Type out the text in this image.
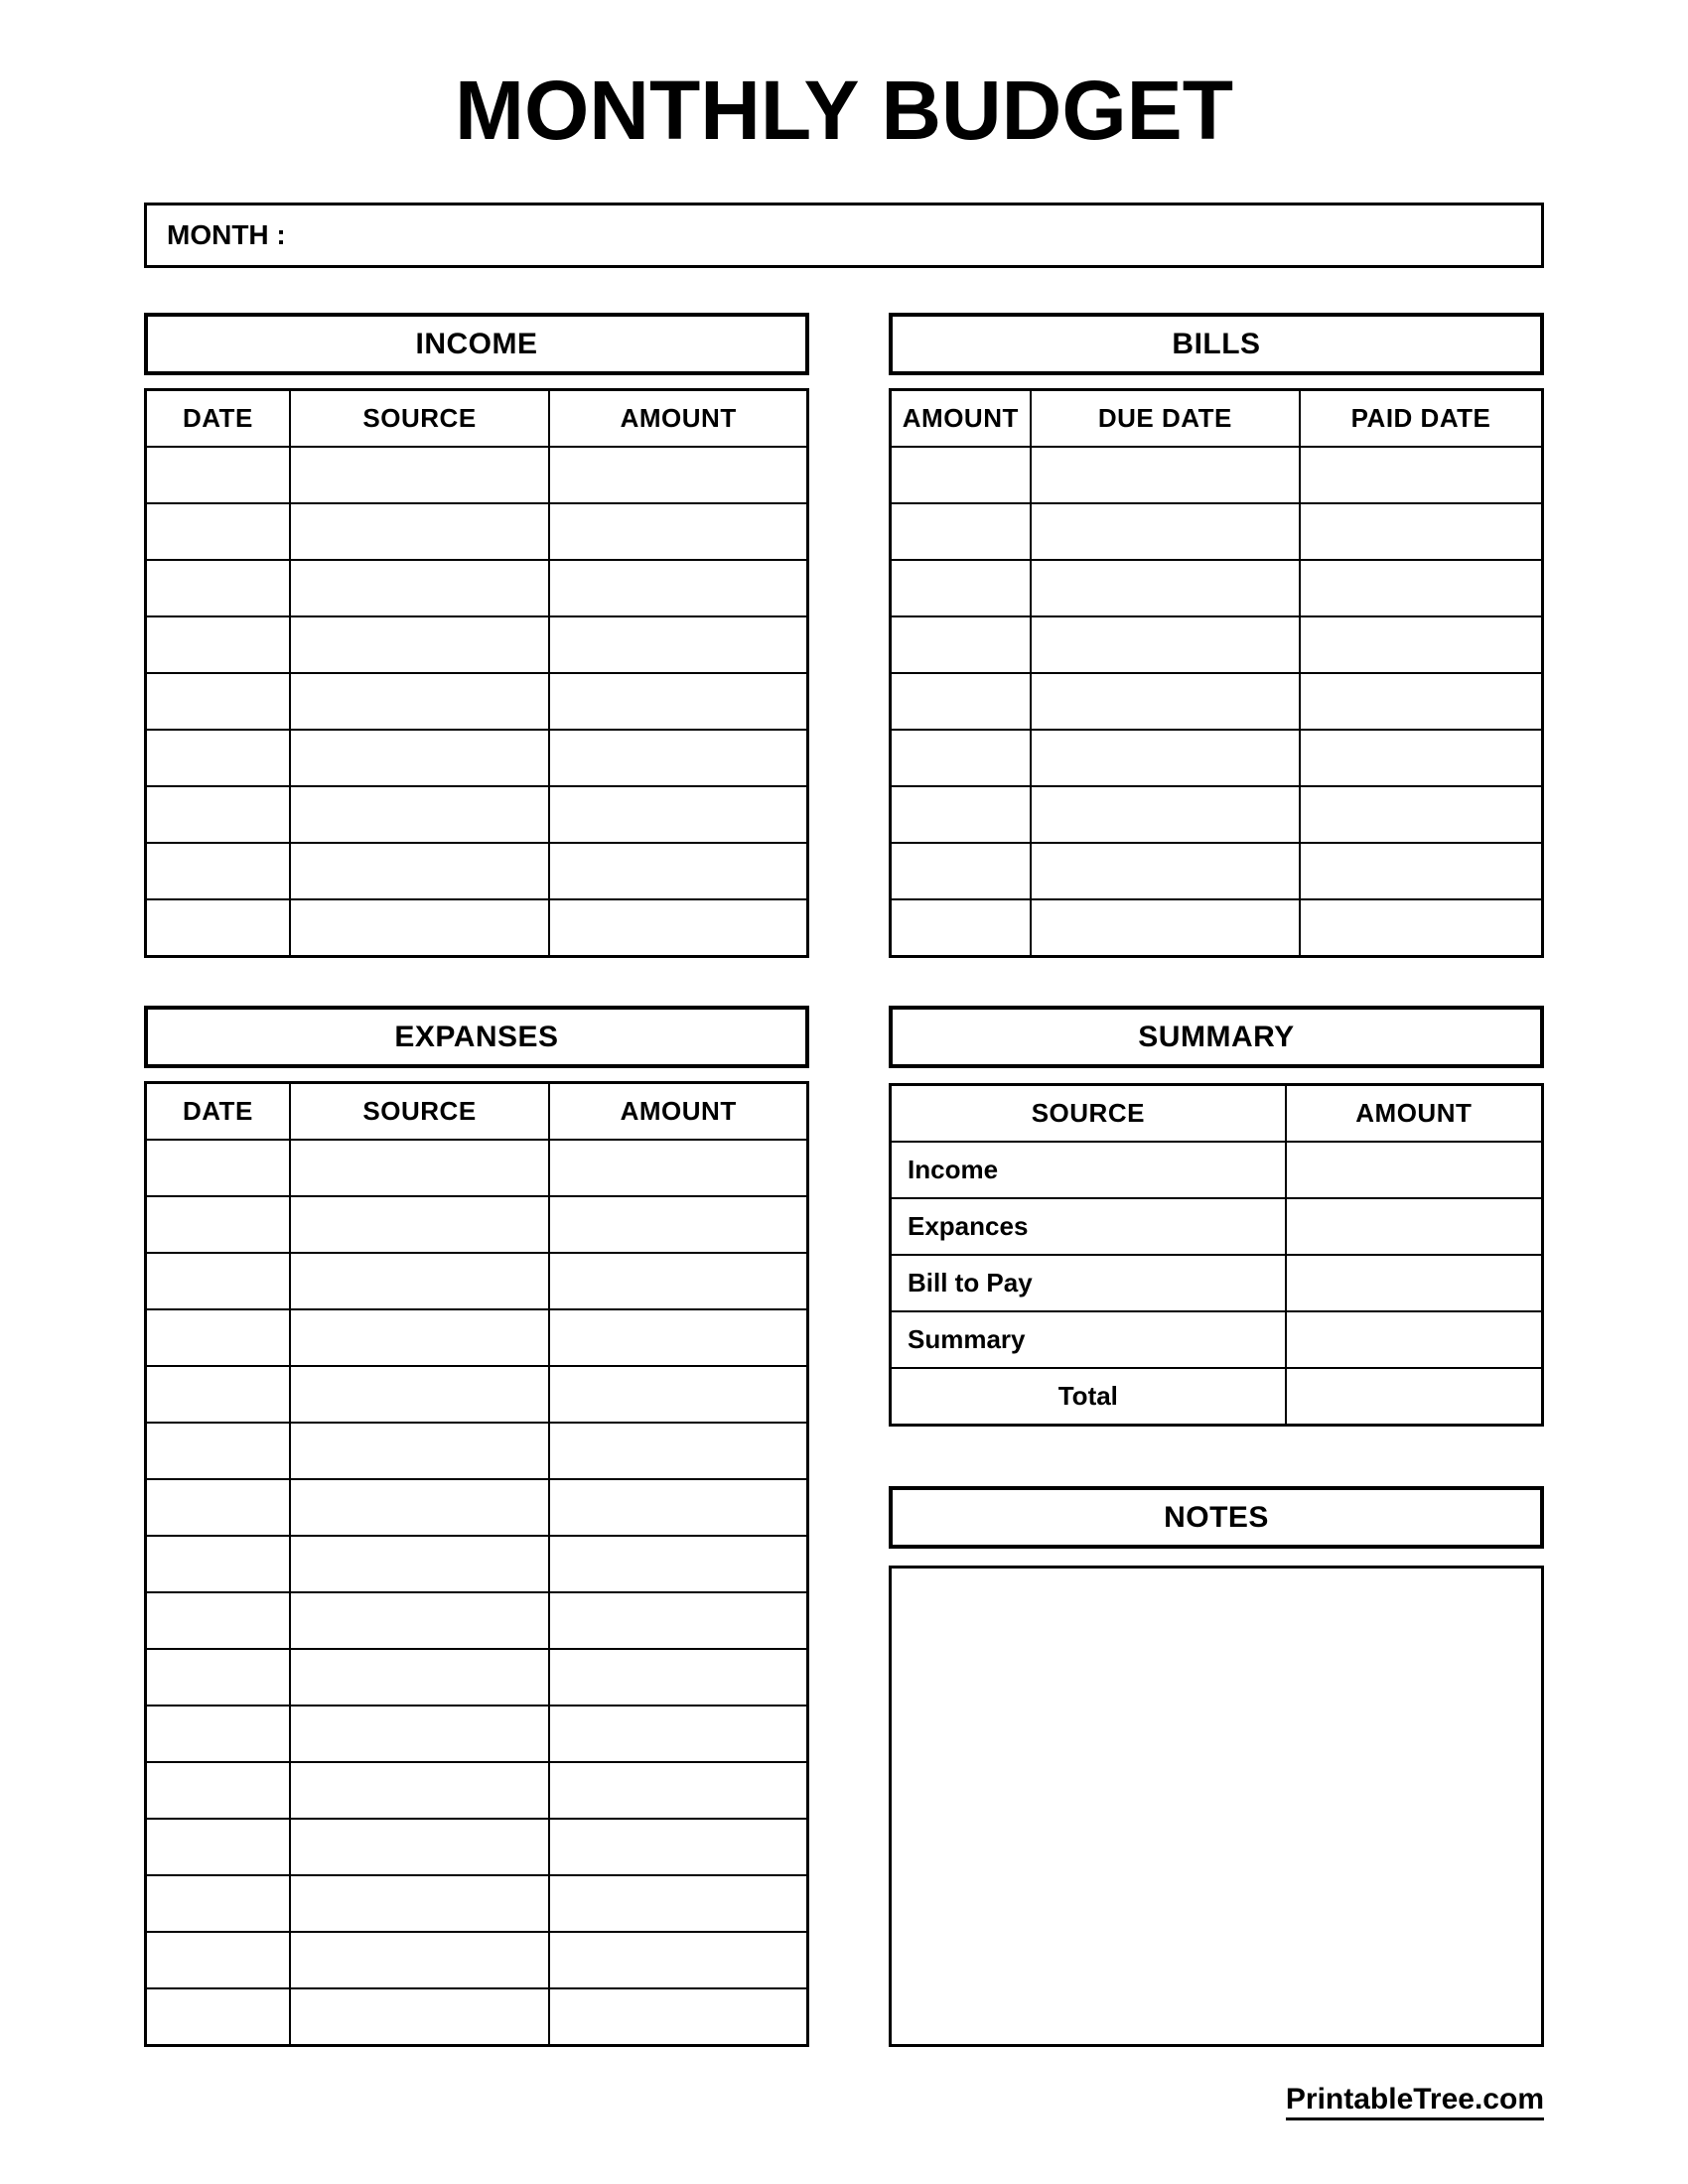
MONTHLY BUDGET
MONTH :
INCOME
DATE	SOURCE	AMOUNT
BILLS
AMOUNT	DUE DATE	PAID DATE
EXPANSES
DATE	SOURCE	AMOUNT
SUMMARY
SOURCE	AMOUNT
Income
Expances
Bill to Pay
Summary
Total
NOTES
PrintableTree.com
